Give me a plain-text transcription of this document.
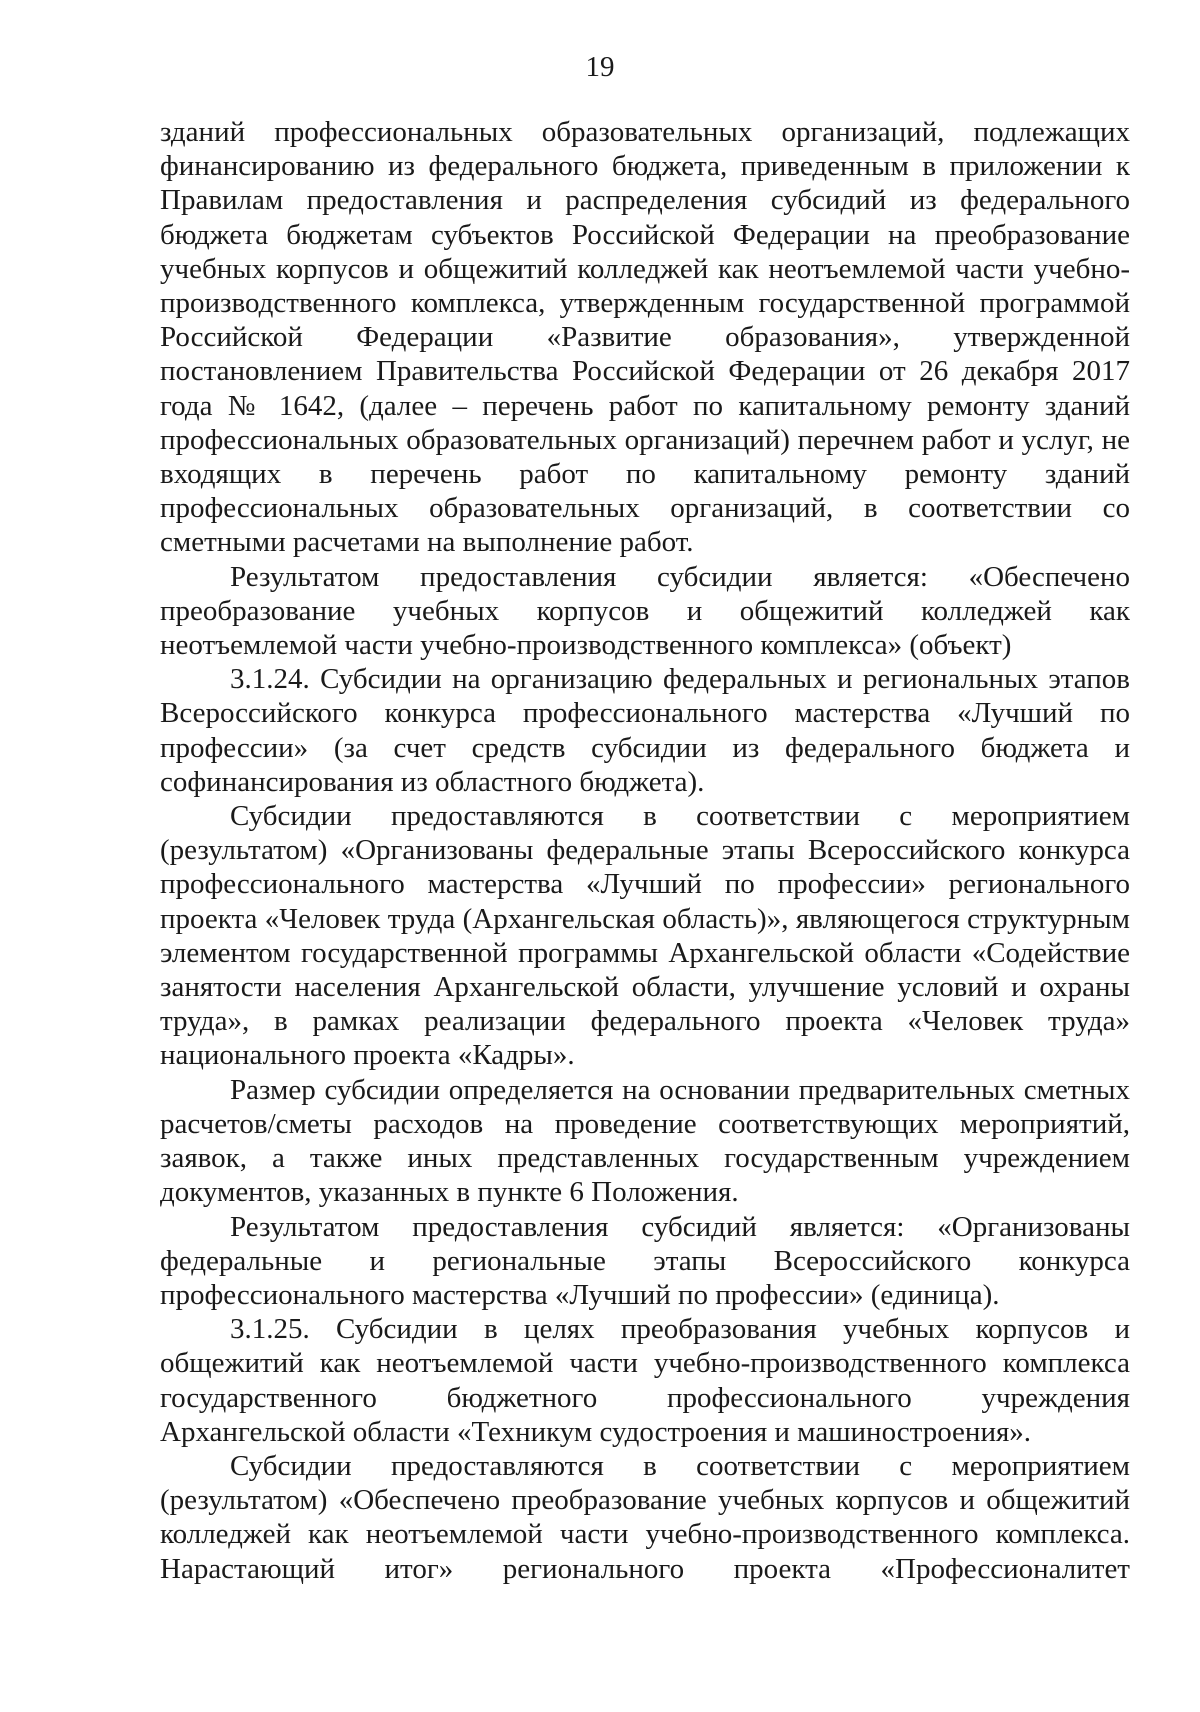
19

зданий профессиональных образовательных организаций, подлежащих финансированию из федерального бюджета, приведенным в приложении к Правилам предоставления и распределения субсидий из федерального бюджета бюджетам субъектов Российской Федерации на преобразование учебных корпусов и общежитий колледжей как неотъемлемой части учебно-производственного комплекса, утвержденным государственной программой Российской Федерации «Развитие образования», утвержденной постановлением Правительства Российской Федерации от 26 декабря 2017 года № 1642, (далее – перечень работ по капитальному ремонту зданий профессиональных образовательных организаций) перечнем работ и услуг, не входящих в перечень работ по капитальному ремонту зданий профессиональных образовательных организаций, в соответствии со сметными расчетами на выполнение работ.

Результатом предоставления субсидии является: «Обеспечено преобразование учебных корпусов и общежитий колледжей как неотъемлемой части учебно-производственного комплекса» (объект)

3.1.24. Субсидии на организацию федеральных и региональных этапов Всероссийского конкурса профессионального мастерства «Лучший по профессии» (за счет средств субсидии из федерального бюджета и софинансирования из областного бюджета).

Субсидии предоставляются в соответствии с мероприятием (результатом) «Организованы федеральные этапы Всероссийского конкурса профессионального мастерства «Лучший по профессии» регионального проекта «Человек труда (Архангельская область)», являющегося структурным элементом государственной программы Архангельской области «Содействие занятости населения Архангельской области, улучшение условий и охраны труда», в рамках реализации федерального проекта «Человек труда» национального проекта «Кадры».

Размер субсидии определяется на основании предварительных сметных расчетов/сметы расходов на проведение соответствующих мероприятий, заявок, а также иных представленных государственным учреждением документов, указанных в пункте 6 Положения.

Результатом предоставления субсидий является: «Организованы федеральные и региональные этапы Всероссийского конкурса профессионального мастерства «Лучший по профессии» (единица).

3.1.25. Субсидии в целях преобразования учебных корпусов и общежитий как неотъемлемой части учебно-производственного комплекса государственного бюджетного профессионального учреждения Архангельской области «Техникум судостроения и машиностроения».

Субсидии предоставляются в соответствии с мероприятием (результатом) «Обеспечено преобразование учебных корпусов и общежитий колледжей как неотъемлемой части учебно-производственного комплекса. Нарастающий итог» регионального проекта «Профессионалитет
